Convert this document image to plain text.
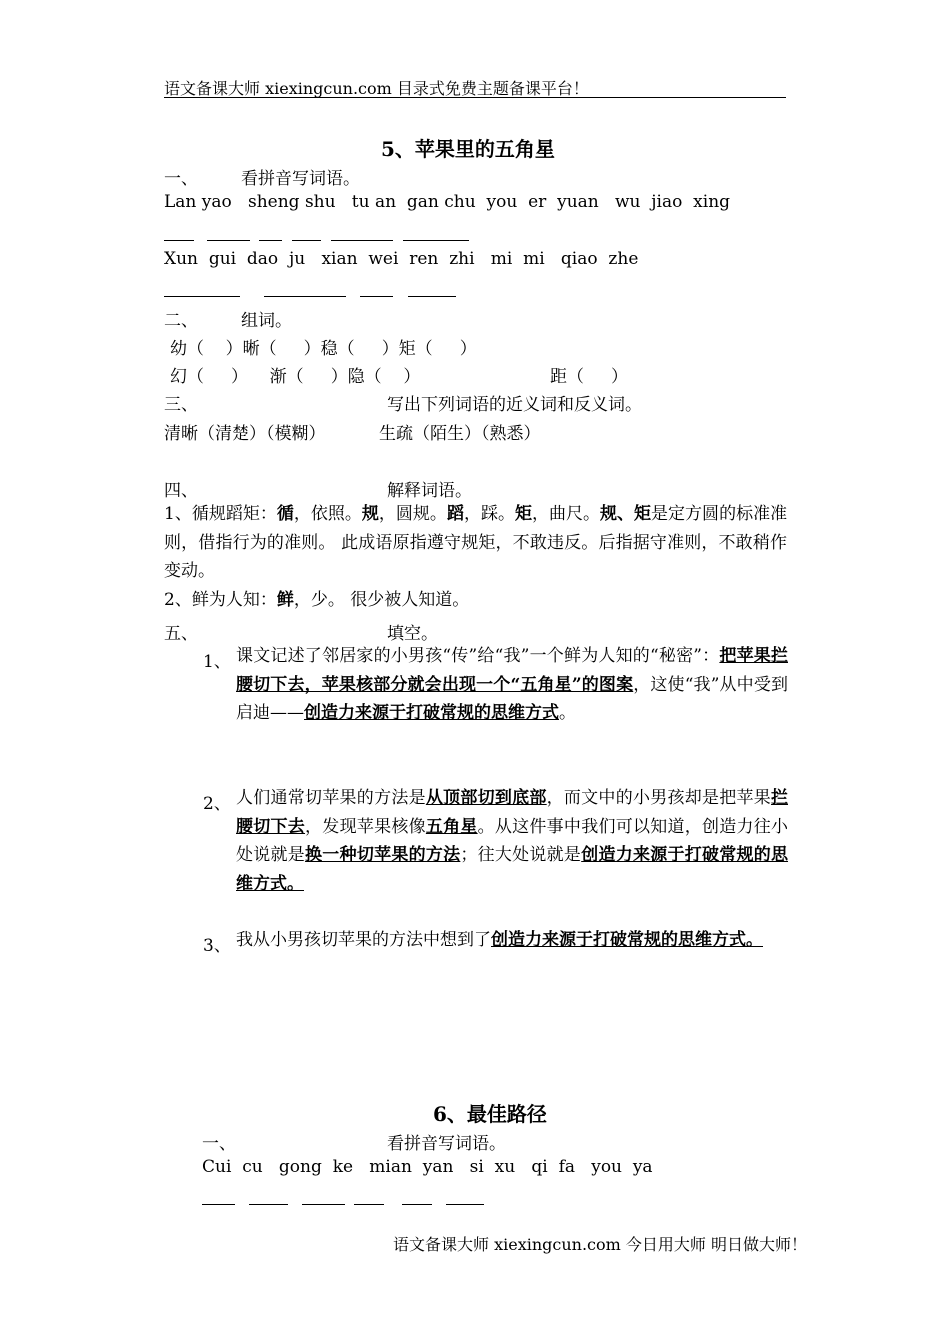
语文备课大师 xiexingcun.com 目录式免费主题备课平台！
5、苹果里的五角星
一、	看拼音写词语。
Lan yao sheng shu tu an gan chu you er yuan wu jiao xing
Xun gui dao ju xian wei ren zhi mi mi qiao zhe
二、	组词。
幼（ ）晰（ ）稳（ ）矩（ ）
幻（ ） 渐（ ）隐（ ）	距（ ）
三、	写出下列词语的近义词和反义词。
清晰（清楚）（模糊）	生疏（陌生）（熟悉）
四、	解释词语。
1、循规蹈矩：循，依照。规，圆规。蹈，踩。矩，曲尺。规、矩是定方圆的标准准则，借指行为的准则。 此成语原指遵守规矩，不敢违反。后指据守准则，不敢稍作变动。
2、鲜为人知：鲜，少。 很少被人知道。
五、	填空。
1、 课文记述了邻居家的小男孩“传”给“我”一个鲜为人知的“秘密”：把苹果拦腰切下去，苹果核部分就会出现一个“五角星”的图案，这使“我”从中受到启迪——创造力来源于打破常规的思维方式。
2、 人们通常切苹果的方法是从顶部切到底部，而文中的小男孩却是把苹果拦腰切下去，发现苹果核像五角星。从这件事中我们可以知道，创造力往小处说就是换一种切苹果的方法；往大处说就是创造力来源于打破常规的思维方式。
3、 我从小男孩切苹果的方法中想到了创造力来源于打破常规的思维方式。
6、最佳路径
一、	看拼音写词语。
Cui cu gong ke mian yan si xu qi fa you ya
语文备课大师 xiexingcun.com 今日用大师 明日做大师！
